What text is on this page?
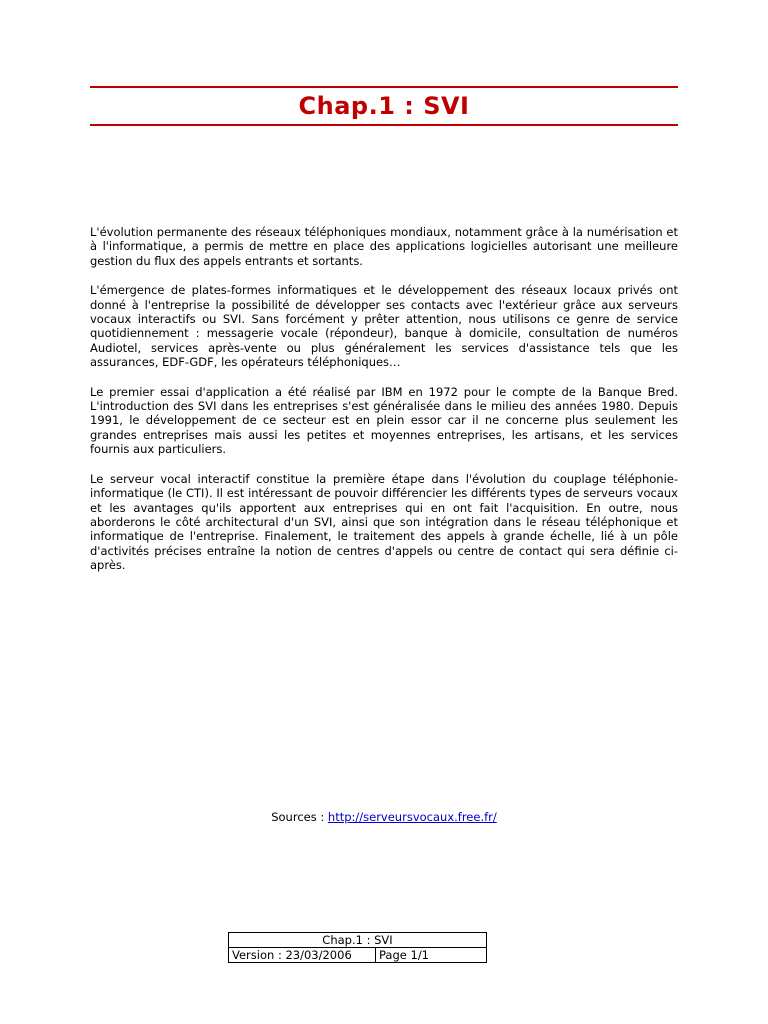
Chap.1 : SVI

L'évolution permanente des réseaux téléphoniques mondiaux, notamment grâce à la numérisation et à l'informatique, a permis de mettre en place des applications logicielles autorisant une meilleure gestion du flux des appels entrants et sortants.

L'émergence de plates-formes informatiques et le développement des réseaux locaux privés ont donné à l'entreprise la possibilité de développer ses contacts avec l'extérieur grâce aux serveurs vocaux interactifs ou SVI. Sans forcément y prêter attention, nous utilisons ce genre de service quotidiennement : messagerie vocale (répondeur), banque à domicile, consultation de numéros Audiotel, services après-vente ou plus généralement les services d'assistance tels que les assurances, EDF-GDF, les opérateurs téléphoniques…

Le premier essai d'application a été réalisé par IBM en 1972 pour le compte de la Banque Bred. L'introduction des SVI dans les entreprises s'est généralisée dans le milieu des années 1980. Depuis 1991, le développement de ce secteur est en plein essor car il ne concerne plus seulement les grandes entreprises mais aussi les petites et moyennes entreprises, les artisans, et les services fournis aux particuliers.

Le serveur vocal interactif constitue la première étape dans l'évolution du couplage téléphonie-informatique (le CTI). Il est intéressant de pouvoir différencier les différents types de serveurs vocaux et les avantages qu'ils apportent aux entreprises qui en ont fait l'acquisition. En outre, nous aborderons le côté architectural d'un SVI, ainsi que son intégration dans le réseau téléphonique et informatique de l'entreprise. Finalement, le traitement des appels à grande échelle, lié à un pôle d'activités précises entraîne la notion de centres d'appels ou centre de contact qui sera définie ci-après.

Sources : http://serveursvocaux.free.fr/
Chap.1 : SVI
Version : 23/03/2006	Page 1/1
